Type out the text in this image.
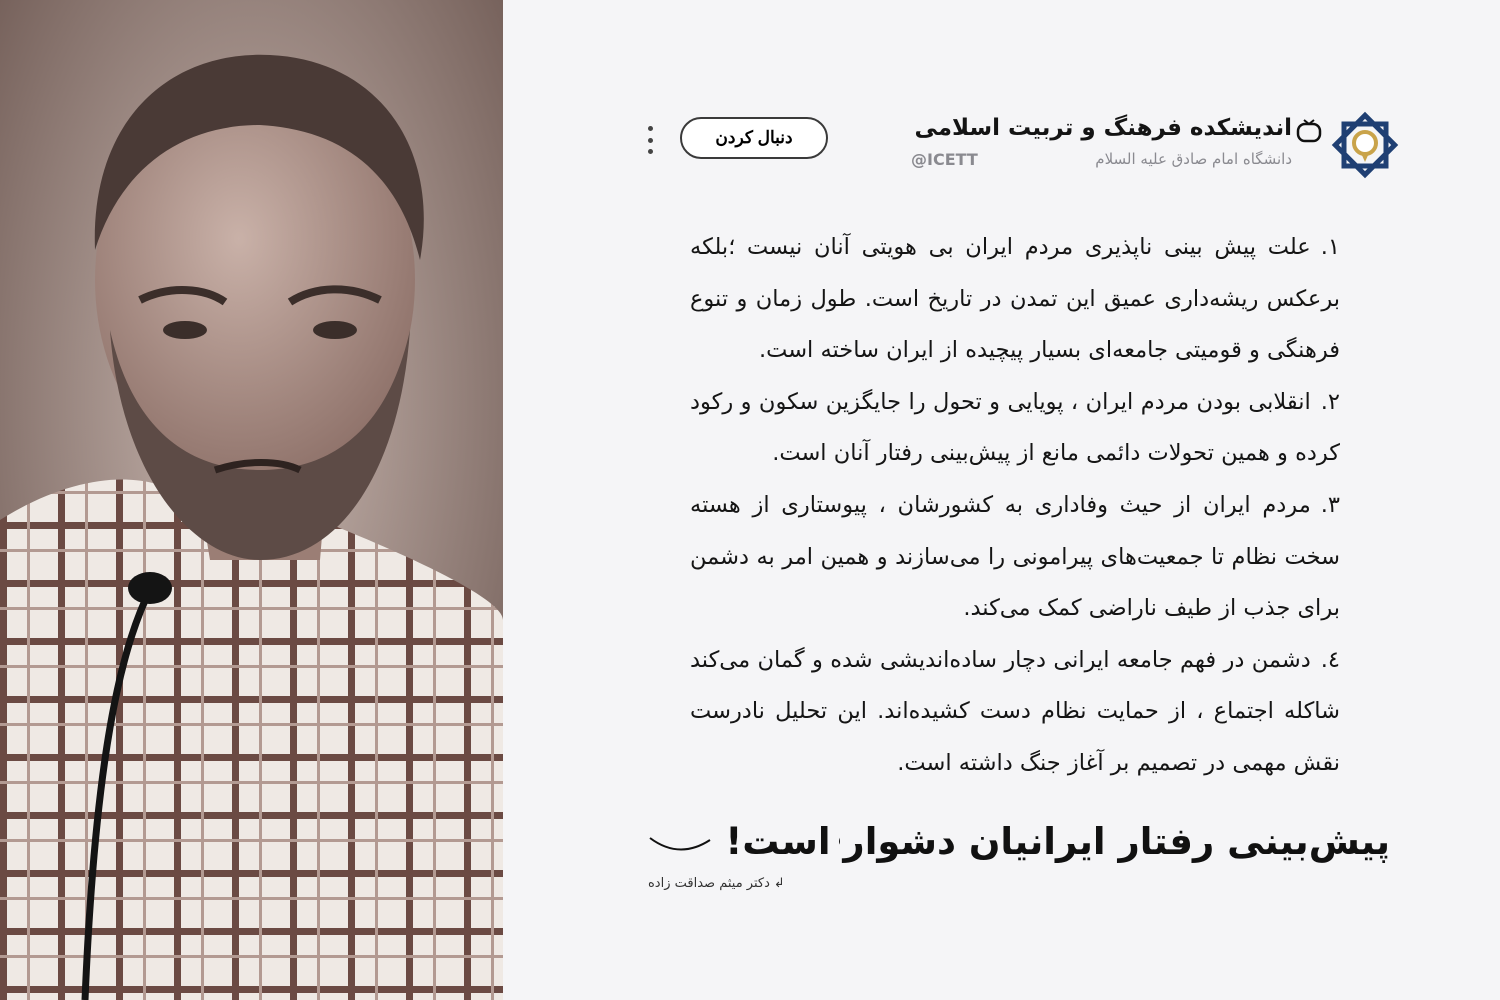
اندیشکده فرهنگ و تربیت اسلامی
دانشگاه امام صادق علیه السلام
@ICETT
دنبال کردن

۱.علت پیش بینی ناپذیری مردم ایران بی هویتی آنان نیست ؛بلکه برعکس ریشه‌داری عمیق این تمدن در تاریخ است. طول زمان و تنوع فرهنگی و قومیتی جامعه‌ای بسیار پیچیده از ایران ساخته است.

۲.انقلابی بودن مردم ایران ، پویایی و تحول را جایگزین سکون و رکود کرده و همین تحولات دائمی مانع از پیش‌بینی رفتار آنان است.

۳.مردم ایران از حیث وفاداری به کشورشان ، پیوستاری از هسته سخت نظام تا جمعیت‌های پیرامونی را می‌سازند و همین امر به دشمن برای جذب از طیف ناراضی کمک می‌کند.

٤.دشمن در فهم جامعه ایرانی دچار ساده‌اندیشی شده و گمان می‌کند شاکله اجتماع ، از حمایت نظام دست کشیده‌اند. این تحلیل نادرست نقش مهمی در تصمیم بر آغاز جنگ داشته است.

پیش‌بینی رفتار ایرانیان دشوار است!
↲دکتر میثم صداقت زاده
